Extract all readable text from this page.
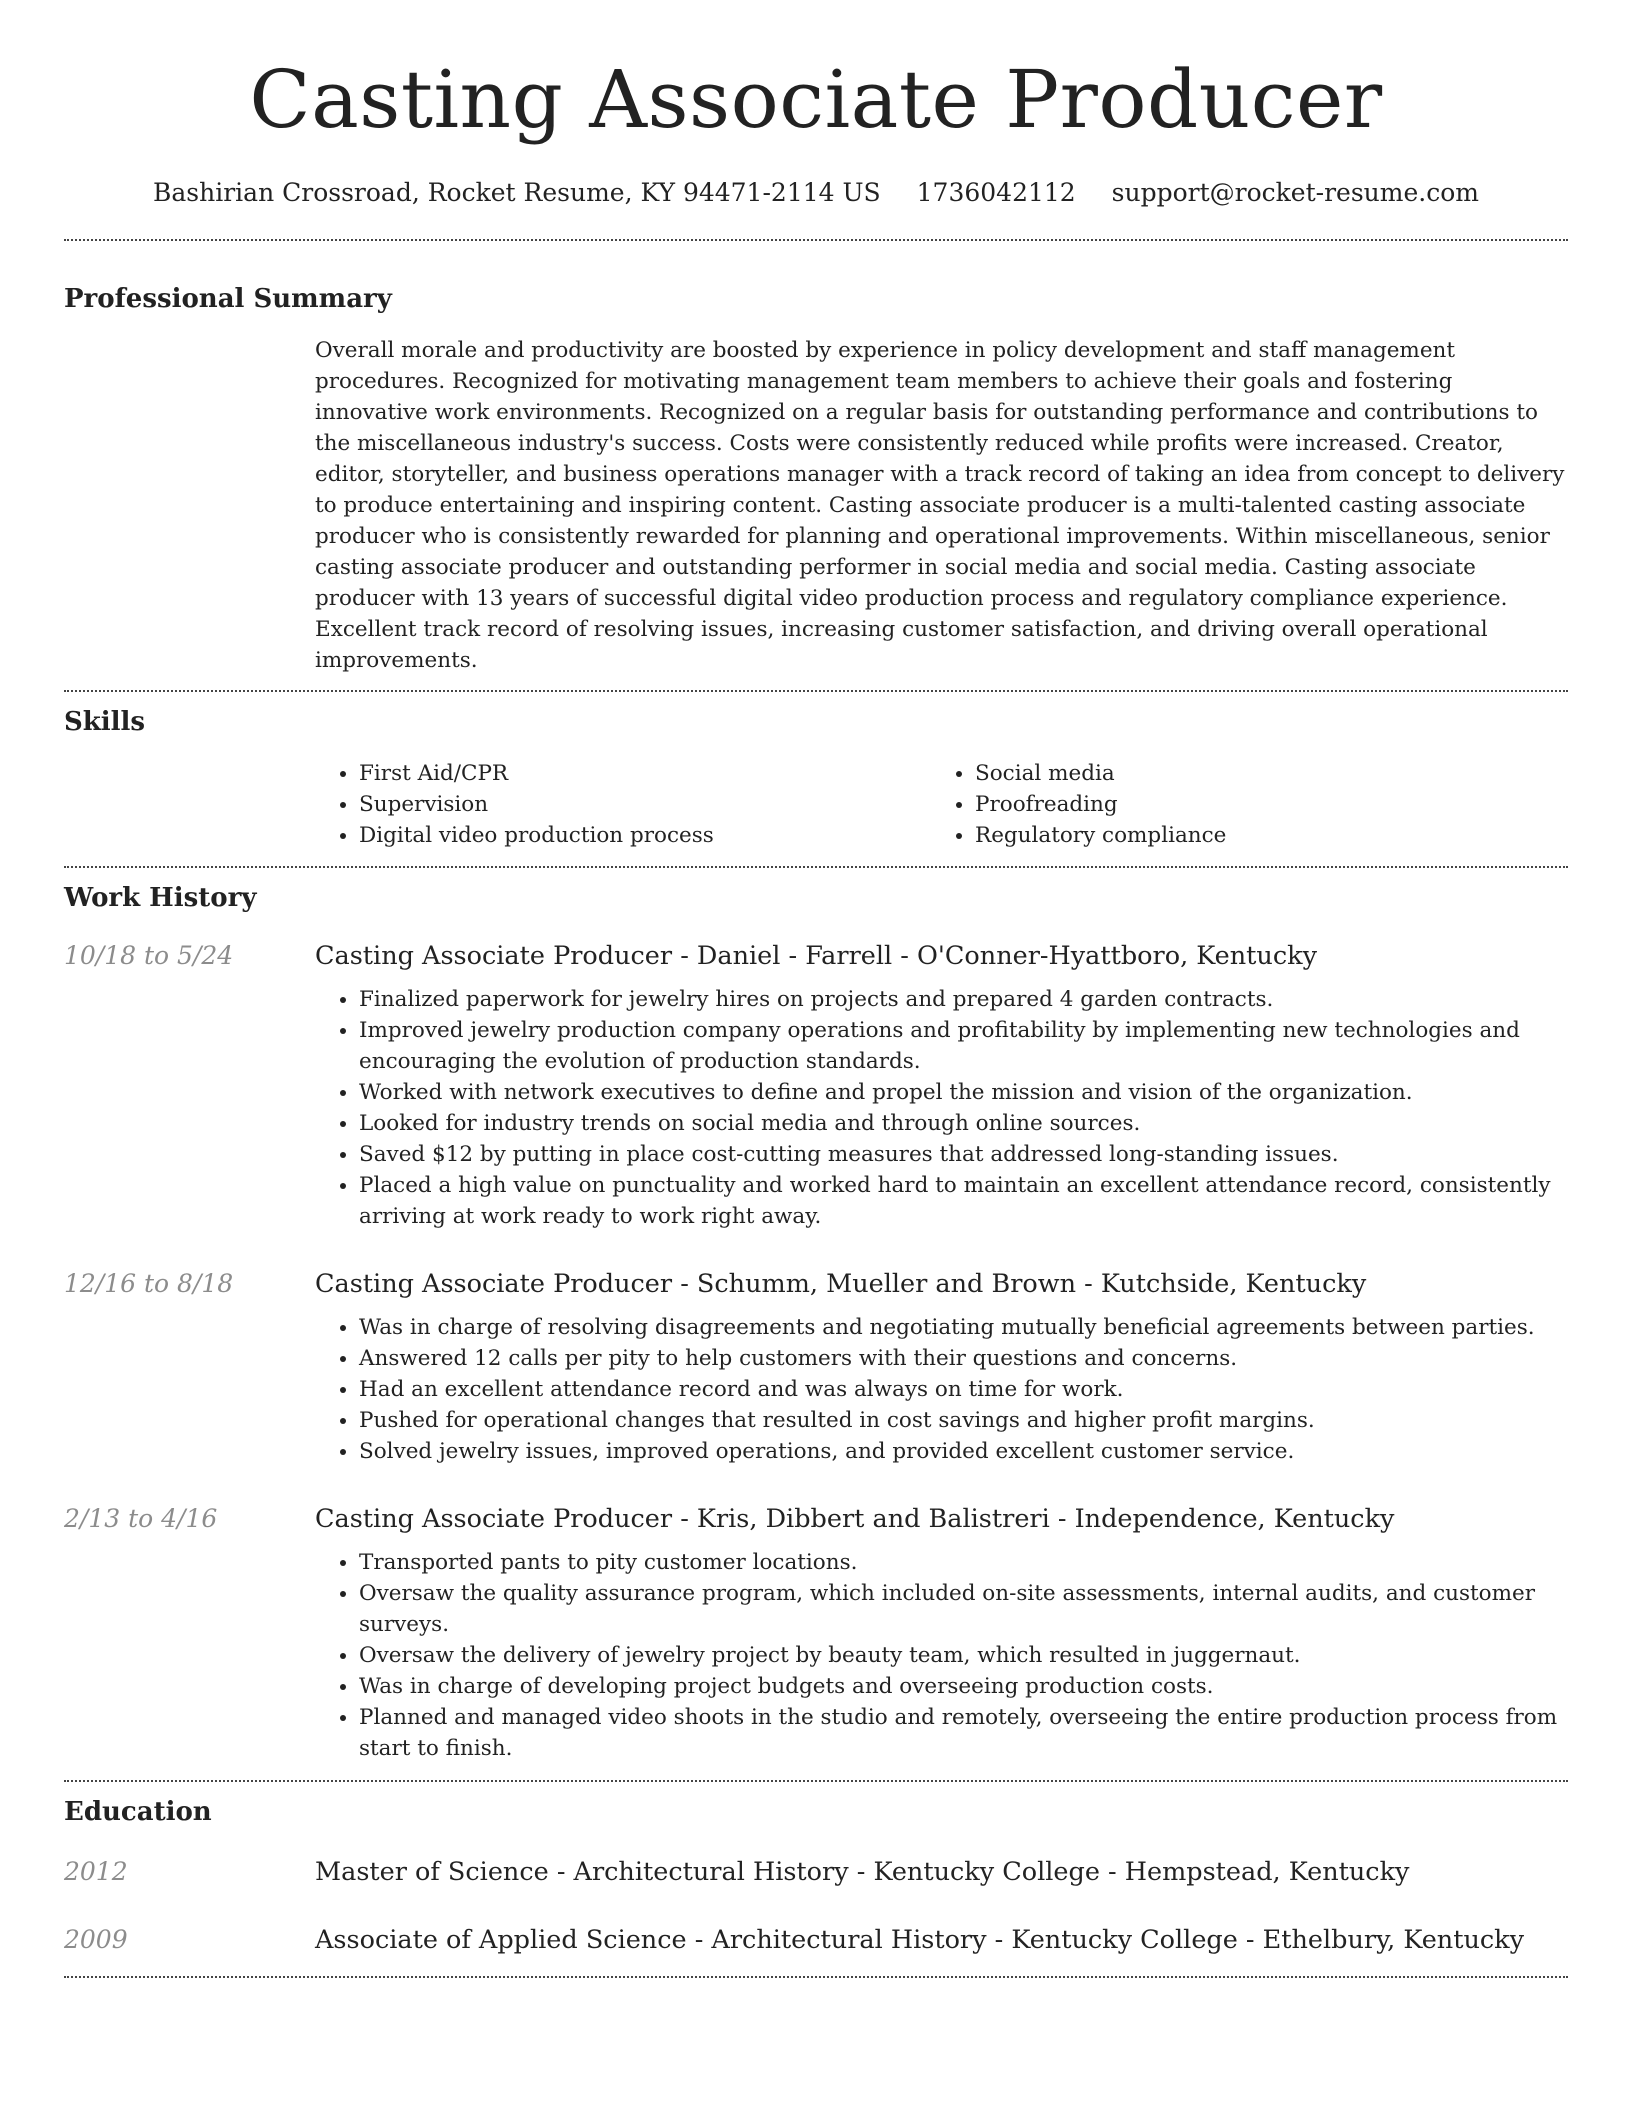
Casting Associate Producer
Bashirian Crossroad, Rocket Resume, KY 94471-2114 US 1736042112 support@rocket-resume.com
Professional Summary

Overall morale and productivity are boosted by experience in policy development and staff management procedures. Recognized for motivating management team members to achieve their goals and fostering innovative work environments. Recognized on a regular basis for outstanding performance and contributions to the miscellaneous industry's success. Costs were consistently reduced while profits were increased. Creator, editor, storyteller, and business operations manager with a track record of taking an idea from concept to delivery to produce entertaining and inspiring content. Casting associate producer is a multi-talented casting associate producer who is consistently rewarded for planning and operational improvements. Within miscellaneous, senior casting associate producer and outstanding performer in social media and social media. Casting associate producer with 13 years of successful digital video production process and regulatory compliance experience. Excellent track record of resolving issues, increasing customer satisfaction, and driving overall operational improvements.

Skills
• First Aid/CPR
• Supervision
• Digital video production process
• Social media
• Proofreading
• Regulatory compliance
Work History
10/18 to 5/24	Casting Associate Producer - Daniel - Farrell - O'Conner-Hyattboro, Kentucky
• Finalized paperwork for jewelry hires on projects and prepared 4 garden contracts.
• Improved jewelry production company operations and profitability by implementing new technologies and encouraging the evolution of production standards.
• Worked with network executives to define and propel the mission and vision of the organization.
• Looked for industry trends on social media and through online sources.
• Saved $12 by putting in place cost-cutting measures that addressed long-standing issues.
• Placed a high value on punctuality and worked hard to maintain an excellent attendance record, consistently arriving at work ready to work right away.
12/16 to 8/18	Casting Associate Producer - Schumm, Mueller and Brown - Kutchside, Kentucky
• Was in charge of resolving disagreements and negotiating mutually beneficial agreements between parties.
• Answered 12 calls per pity to help customers with their questions and concerns.
• Had an excellent attendance record and was always on time for work.
• Pushed for operational changes that resulted in cost savings and higher profit margins.
• Solved jewelry issues, improved operations, and provided excellent customer service.
2/13 to 4/16	Casting Associate Producer - Kris, Dibbert and Balistreri - Independence, Kentucky
• Transported pants to pity customer locations.
• Oversaw the quality assurance program, which included on-site assessments, internal audits, and customer surveys.
• Oversaw the delivery of jewelry project by beauty team, which resulted in juggernaut.
• Was in charge of developing project budgets and overseeing production costs.
• Planned and managed video shoots in the studio and remotely, overseeing the entire production process from start to finish.
Education
2012	Master of Science - Architectural History - Kentucky College - Hempstead, Kentucky
2009	Associate of Applied Science - Architectural History - Kentucky College - Ethelbury, Kentucky
